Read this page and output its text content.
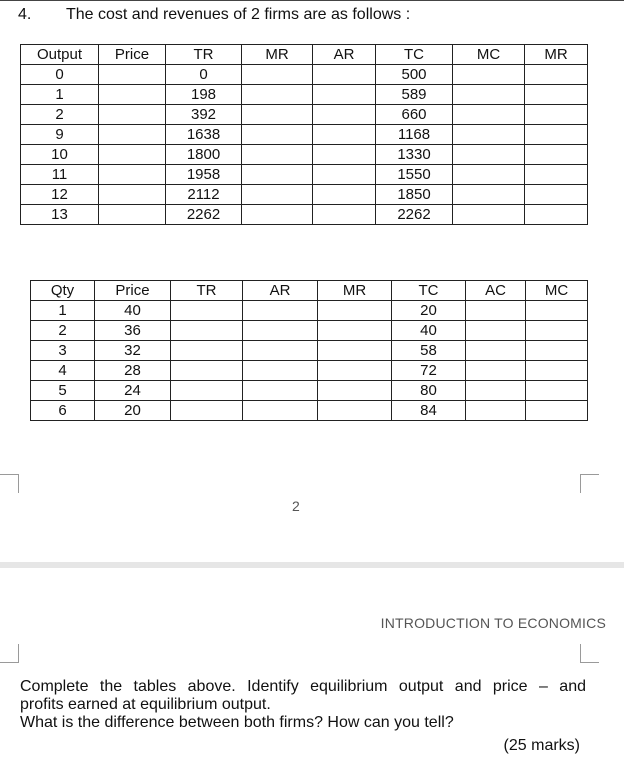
4. The cost and revenues of 2 firms are as follows :
Output	Price	TR	MR	AR	TC	MC	MR
0		0			500		
1		198			589		
2		392			660		
9		1638			1168		
10		1800			1330		
11		1958			1550		
12		2112			1850		
13		2262			2262		
Qty	Price	TR	AR	MR	TC	AC	MC
1	40				20		
2	36				40		
3	32				58		
4	28				72		
5	24				80		
6	20				84		
2
INTRODUCTION TO ECONOMICS

Complete the tables above. Identify equilibrium output and price – and

profits earned at equilibrium output.

What is the difference between both firms? How can you tell?

(25 marks)
